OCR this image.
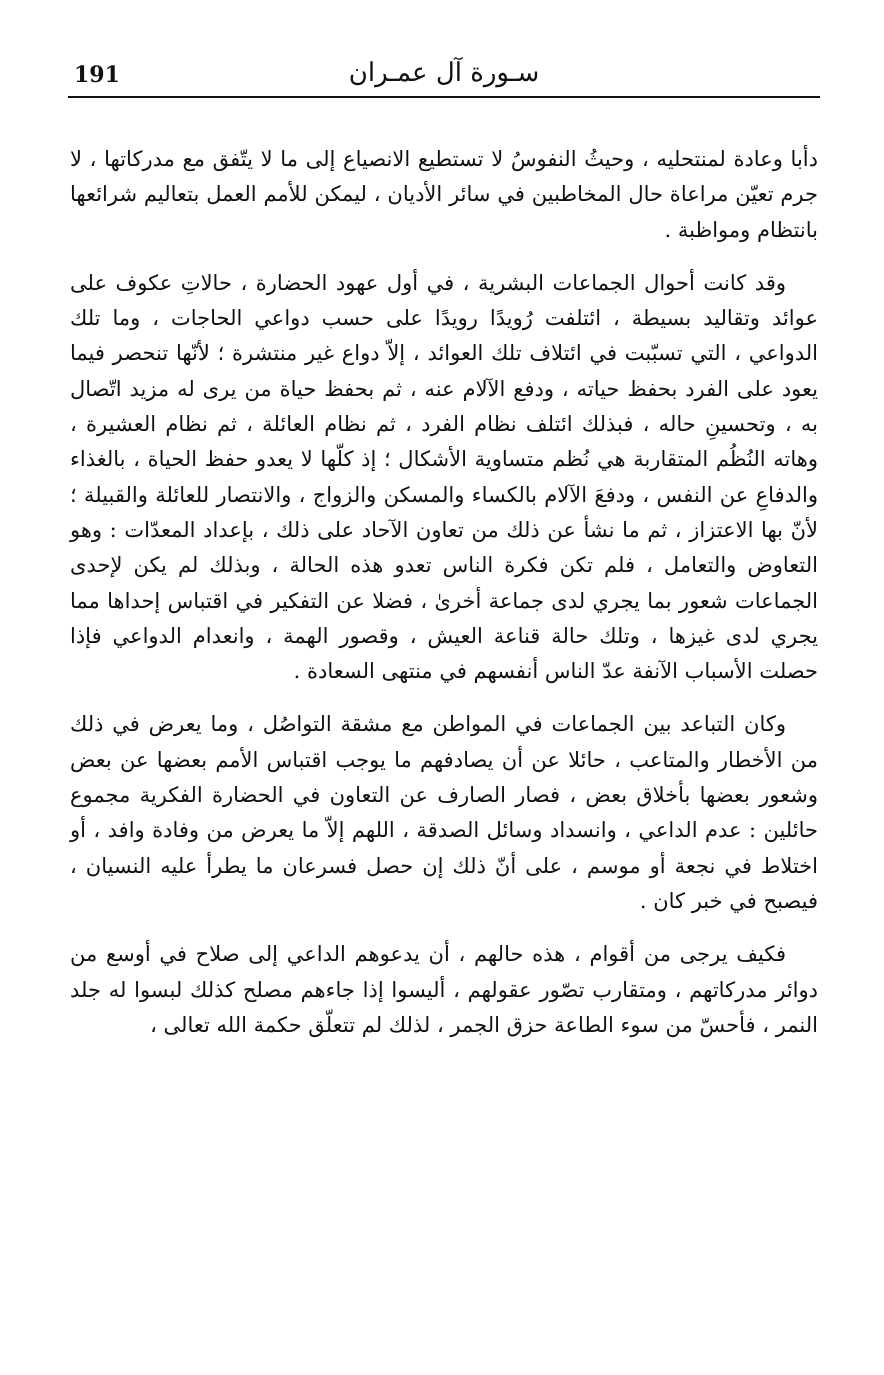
191	سـورة آل عمـران

دأبا وعادة لمنتحليه ، وحيثُ النفوسُ لا تستطيع الانصياع إلى ما لا يتّفق مع مدركاتها ، لا جرم تعيّن مراعاة حال المخاطبين في سائر الأديان ، ليمكن للأمم العمل بتعاليم شرائعها بانتظام ومواظبة .

وقد كانت أحوال الجماعات البشرية ، في أول عهود الحضارة ، حالاتِ عكوف على عوائد وتقاليد بسيطة ، ائتلفت رُويدًا رويدًا على حسب دواعي الحاجات ، وما تلك الدواعي ، التي تسبّبت في ائتلاف تلك العوائد ، إلاّ دواع غير منتشرة ؛ لأنّها تنحصر فيما يعود على الفرد بحفظ حياته ، ودفع الآلام عنه ، ثم بحفظ حياة من يرى له مزيد اتّصال به ، وتحسينِ حاله ، فبذلك ائتلف نظام الفرد ، ثم نظام العائلة ، ثم نظام العشيرة ، وهاته النُظُم المتقاربة هي نُظم متساوية الأشكال ؛ إذ كلّها لا يعدو حفظ الحياة ، بالغذاء والدفاعِ عن النفس ، ودفعَ الآلام بالكساء والمسكن والزواج ، والانتصار للعائلة والقبيلة ؛ لأنّ بها الاعتزاز ، ثم ما نشأ عن ذلك من تعاون الآحاد على ذلك ، بإعداد المعدّات : وهو التعاوض والتعامل ، فلم تكن فكرة الناس تعدو هذه الحالة ، وبذلك لم يكن لإحدى الجماعات شعور بما يجري لدى جماعة أخرىٰ ، فضلا عن التفكير في اقتباس إحداها مما يجري لدى غيزها ، وتلك حالة قناعة العيش ، وقصور الهمة ، وانعدام الدواعي فإذا حصلت الأسباب الآنفة عدّ الناس أنفسهم في منتهى السعادة .

وكان التباعد بين الجماعات في المواطن مع مشقة التواصُل ، وما يعرض في ذلك من الأخطار والمتاعب ، حائلا عن أن يصادفهم ما يوجب اقتباس الأمم بعضها عن بعض وشعور بعضها بأخلاق بعض ، فصار الصارف عن التعاون في الحضارة الفكرية مجموع حائلين : عدم الداعي ، وانسداد وسائل الصدقة ، اللهم إلاّ ما يعرض من وفادة وافد ، أو اختلاط في نجعة أو موسم ، على أنّ ذلك إن حصل فسرعان ما يطرأ عليه النسيان ، فيصبح في خبر كان .

فكيف يرجى من أقوام ، هذه حالهم ، أن يدعوهم الداعي إلى صلاح في أوسع من دوائر مدركاتهم ، ومتقارب تصّور عقولهم ، أليسوا إذا جاءهم مصلح كذلك لبسوا له جلد النمر ، فأحسّ من سوء الطاعة حزق الجمر ، لذلك لم تتعلّق حكمة الله تعالى ،
